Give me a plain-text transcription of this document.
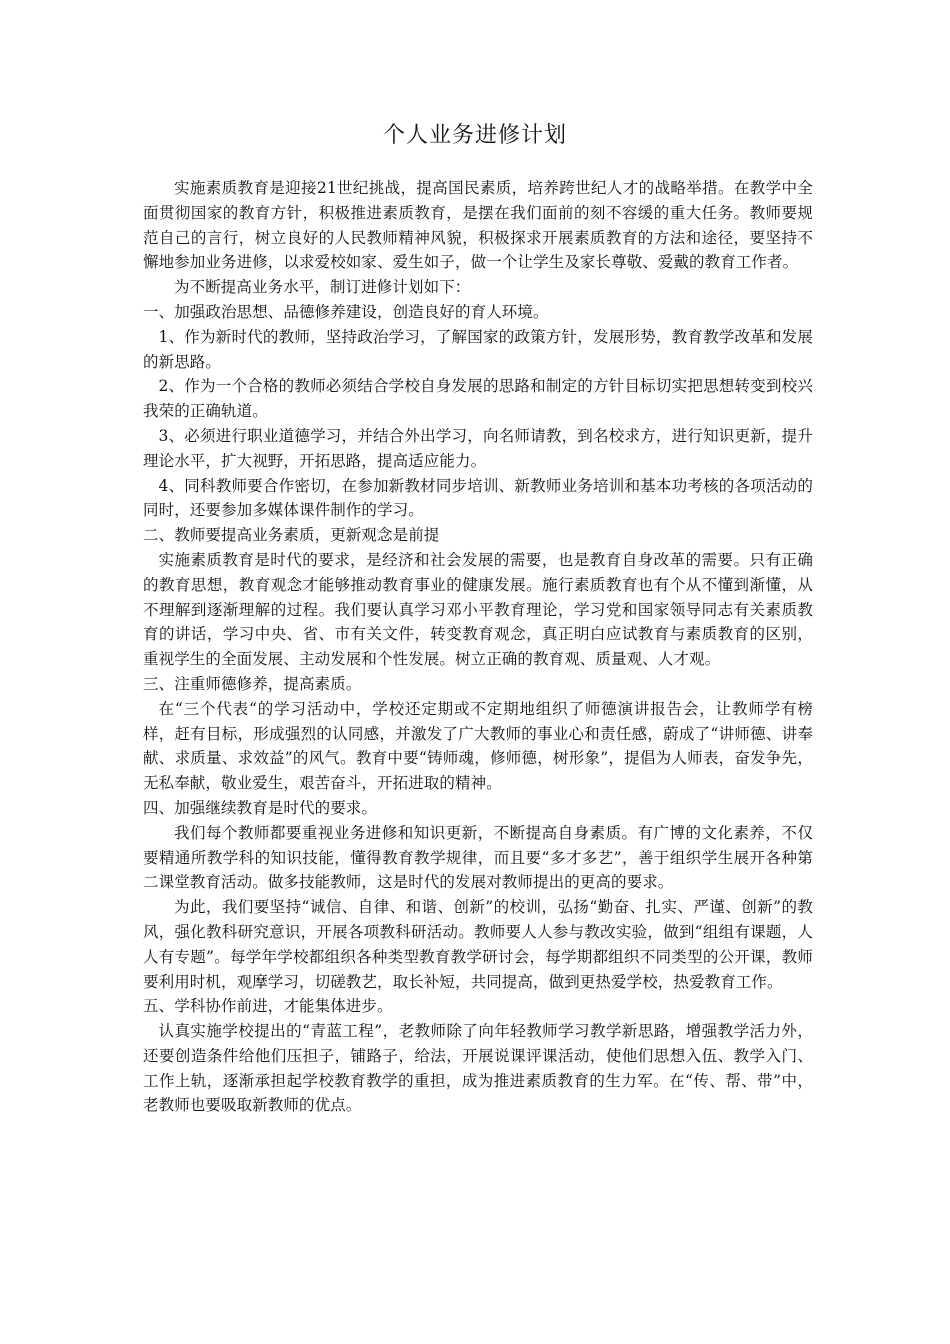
个人业务进修计划

实施素质教育是迎接21世纪挑战，提高国民素质，培养跨世纪人才的战略举措。在教学中全面贯彻国家的教育方针，积极推进素质教育，是摆在我们面前的刻不容缓的重大任务。教师要规范自己的言行，树立良好的人民教师精神风貌，积极探求开展素质教育的方法和途径，要坚持不懈地参加业务进修，以求爱校如家、爱生如子，做一个让学生及家长尊敬、爱戴的教育工作者。

为不断提高业务水平，制订进修计划如下：

一、加强政治思想、品德修养建设，创造良好的育人环境。

1、作为新时代的教师，坚持政治学习，了解国家的政策方针，发展形势，教育教学改革和发展的新思路。

2、作为一个合格的教师必须结合学校自身发展的思路和制定的方针目标切实把思想转变到校兴我荣的正确轨道。

3、必须进行职业道德学习，并结合外出学习，向名师请教，到名校求方，进行知识更新，提升理论水平，扩大视野，开拓思路，提高适应能力。

4、同科教师要合作密切，在参加新教材同步培训、新教师业务培训和基本功考核的各项活动的同时，还要参加多媒体课件制作的学习。

二、教师要提高业务素质，更新观念是前提

实施素质教育是时代的要求，是经济和社会发展的需要，也是教育自身改革的需要。只有正确的教育思想，教育观念才能够推动教育事业的健康发展。施行素质教育也有个从不懂到渐懂，从不理解到逐渐理解的过程。我们要认真学习邓小平教育理论，学习党和国家领导同志有关素质教育的讲话，学习中央、省、市有关文件，转变教育观念，真正明白应试教育与素质教育的区别，重视学生的全面发展、主动发展和个性发展。树立正确的教育观、质量观、人才观。

三、注重师德修养，提高素质。

在“三个代表“的学习活动中，学校还定期或不定期地组织了师德演讲报告会，让教师学有榜样，赶有目标，形成强烈的认同感，并激发了广大教师的事业心和责任感，蔚成了“讲师德、讲奉献、求质量、求效益”的风气。教育中要“铸师魂，修师德，树形象”，提倡为人师表，奋发争先，无私奉献，敬业爱生，艰苦奋斗，开拓进取的精神。

四、加强继续教育是时代的要求。

我们每个教师都要重视业务进修和知识更新，不断提高自身素质。有广博的文化素养，不仅要精通所教学科的知识技能，懂得教育教学规律，而且要“多才多艺”，善于组织学生展开各种第二课堂教育活动。做多技能教师，这是时代的发展对教师提出的更高的要求。

为此，我们要坚持“诚信、自律、和谐、创新”的校训，弘扬“勤奋、扎实、严谨、创新”的教风，强化教科研究意识，开展各项教科研活动。教师要人人参与教改实验，做到“组组有课题，人人有专题”。每学年学校都组织各种类型教育教学研讨会，每学期都组织不同类型的公开课，教师要利用时机，观摩学习，切磋教艺，取长补短，共同提高，做到更热爱学校，热爱教育工作。

五、学科协作前进，才能集体进步。

认真实施学校提出的“青蓝工程”，老教师除了向年轻教师学习教学新思路，增强教学活力外，还要创造条件给他们压担子，铺路子，给法，开展说课评课活动，使他们思想入伍、教学入门、工作上轨，逐渐承担起学校教育教学的重担，成为推进素质教育的生力军。在“传、帮、带”中，老教师也要吸取新教师的优点。
